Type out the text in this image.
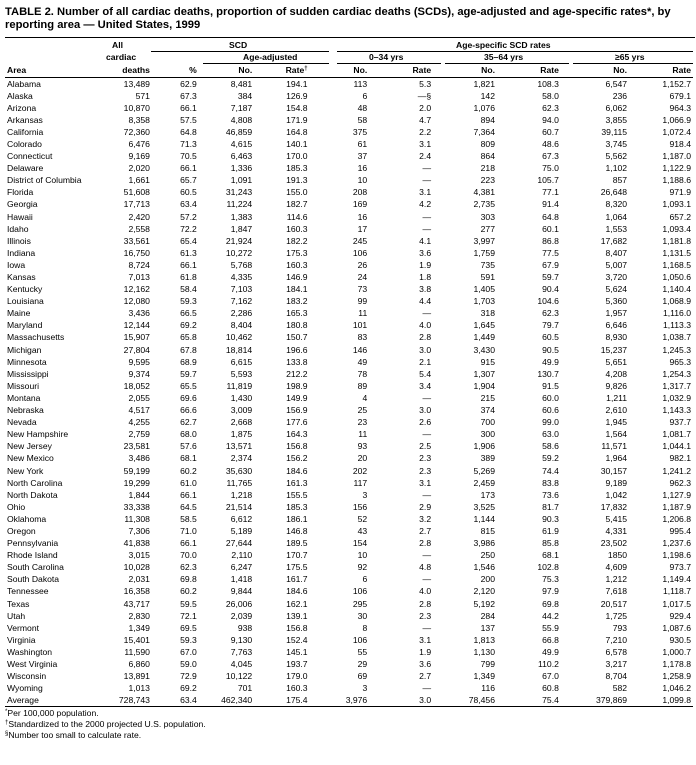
TABLE 2. Number of all cardiac deaths, proportion of sudden cardiac deaths (SCDs), age-adjusted and age-specific rates*, by reporting area — United States, 1999
All
cardiac
SCD
Age-adjusted
Age-specific SCD rates
0–34 yrs	35–64 yrs	≥65 yrs
Area	deaths	%	No.	Rate†	No.	Rate	No.	Rate	No.	Rate
Alabama	13,489	62.9	8,481	194.1	113	5.3	1,821	108.3	6,547	1,152.7
Alaska	571	67.3	384	126.9	6	—§	142	58.0	236	679.1
Arizona	10,870	66.1	7,187	154.8	48	2.0	1,076	62.3	6,062	964.3
Arkansas	8,358	57.5	4,808	171.9	58	4.7	894	94.0	3,855	1,066.9
California	72,360	64.8	46,859	164.8	375	2.2	7,364	60.7	39,115	1,072.4
Colorado	6,476	71.3	4,615	140.1	61	3.1	809	48.6	3,745	918.4
Connecticut	9,169	70.5	6,463	170.0	37	2.4	864	67.3	5,562	1,187.0
Delaware	2,020	66.1	1,336	185.3	16	—	218	75.0	1,102	1,122.9
District of Columbia	1,661	65.7	1,091	191.3	10	—	223	105.7	857	1,188.6
Florida	51,608	60.5	31,243	155.0	208	3.1	4,381	77.1	26,648	971.9
Georgia	17,713	63.4	11,224	182.7	169	4.2	2,735	91.4	8,320	1,093.1
Hawaii	2,420	57.2	1,383	114.6	16	—	303	64.8	1,064	657.2
Idaho	2,558	72.2	1,847	160.3	17	—	277	60.1	1,553	1,093.4
Illinois	33,561	65.4	21,924	182.2	245	4.1	3,997	86.8	17,682	1,181.8
Indiana	16,750	61.3	10,272	175.3	106	3.6	1,759	77.5	8,407	1,131.5
Iowa	8,724	66.1	5,768	160.3	26	1.9	735	67.9	5,007	1,168.5
Kansas	7,013	61.8	4,335	146.9	24	1.8	591	59.7	3,720	1,050.6
Kentucky	12,162	58.4	7,103	184.1	73	3.8	1,405	90.4	5,624	1,140.4
Louisiana	12,080	59.3	7,162	183.2	99	4.4	1,703	104.6	5,360	1,068.9
Maine	3,436	66.5	2,286	165.3	11	—	318	62.3	1,957	1,116.0
Maryland	12,144	69.2	8,404	180.8	101	4.0	1,645	79.7	6,646	1,113.3
Massachusetts	15,907	65.8	10,462	150.7	83	2.8	1,449	60.5	8,930	1,038.7
Michigan	27,804	67.8	18,814	196.6	146	3.0	3,430	90.5	15,237	1,245.3
Minnesota	9,595	68.9	6,615	133.8	49	2.1	915	49.9	5,651	965.3
Mississippi	9,374	59.7	5,593	212.2	78	5.4	1,307	130.7	4,208	1,254.3
Missouri	18,052	65.5	11,819	198.9	89	3.4	1,904	91.5	9,826	1,317.7
Montana	2,055	69.6	1,430	149.9	4	—	215	60.0	1,211	1,032.9
Nebraska	4,517	66.6	3,009	156.9	25	3.0	374	60.6	2,610	1,143.3
Nevada	4,255	62.7	2,668	177.6	23	2.6	700	99.0	1,945	937.7
New Hampshire	2,759	68.0	1,875	164.3	11	—	300	63.0	1,564	1,081.7
New Jersey	23,581	57.6	13,571	156.8	93	2.5	1,906	58.6	11,571	1,044.1
New Mexico	3,486	68.1	2,374	156.2	20	2.3	389	59.2	1,964	982.1
New York	59,199	60.2	35,630	184.6	202	2.3	5,269	74.4	30,157	1,241.2
North Carolina	19,299	61.0	11,765	161.3	117	3.1	2,459	83.8	9,189	962.3
North Dakota	1,844	66.1	1,218	155.5	3	—	173	73.6	1,042	1,127.9
Ohio	33,338	64.5	21,514	185.3	156	2.9	3,525	81.7	17,832	1,187.9
Oklahoma	11,308	58.5	6,612	186.1	52	3.2	1,144	90.3	5,415	1,206.8
Oregon	7,306	71.0	5,189	146.8	43	2.7	815	61.9	4,331	995.4
Pennsylvania	41,838	66.1	27,644	189.5	154	2.8	3,986	85.8	23,502	1,237.6
Rhode Island	3,015	70.0	2,110	170.7	10	—	250	68.1	1850	1,198.6
South Carolina	10,028	62.3	6,247	175.5	92	4.8	1,546	102.8	4,609	973.7
South Dakota	2,031	69.8	1,418	161.7	6	—	200	75.3	1,212	1,149.4
Tennessee	16,358	60.2	9,844	184.6	106	4.0	2,120	97.9	7,618	1,118.7
Texas	43,717	59.5	26,006	162.1	295	2.8	5,192	69.8	20,517	1,017.5
Utah	2,830	72.1	2,039	139.1	30	2.3	284	44.2	1,725	929.4
Vermont	1,349	69.5	938	156.8	8	—	137	55.9	793	1,087.6
Virginia	15,401	59.3	9,130	152.4	106	3.1	1,813	66.8	7,210	930.5
Washington	11,590	67.0	7,763	145.1	55	1.9	1,130	49.9	6,578	1,000.7
West Virginia	6,860	59.0	4,045	193.7	29	3.6	799	110.2	3,217	1,178.8
Wisconsin	13,891	72.9	10,122	179.0	69	2.7	1,349	67.0	8,704	1,258.9
Wyoming	1,013	69.2	701	160.3	3	—	116	60.8	582	1,046.2
Average	728,743	63.4	462,340	175.4	3,976	3.0	78,456	75.4	379,869	1,099.8
*Per 100,000 population.
†Standardized to the 2000 projected U.S. population.
§Number too small to calculate rate.
